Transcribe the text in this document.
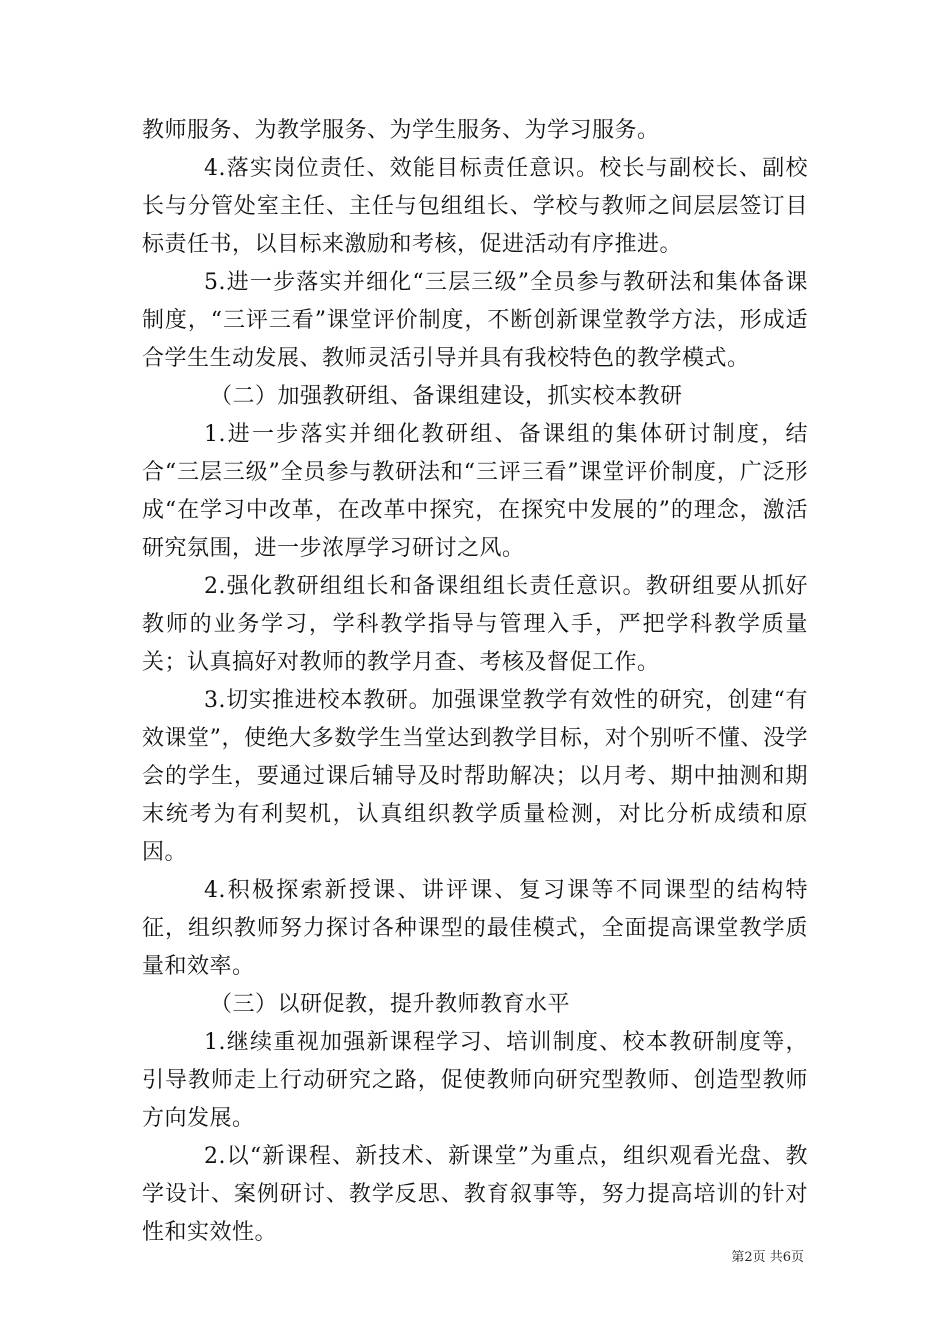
教师服务、为教学服务、为学生服务、为学习服务。

4.落实岗位责任、效能目标责任意识。校长与副校长、副校长与分管处室主任、主任与包组组长、学校与教师之间层层签订目标责任书，以目标来激励和考核，促进活动有序推进。

5.进一步落实并细化“三层三级”全员参与教研法和集体备课制度，“三评三看”课堂评价制度，不断创新课堂教学方法，形成适合学生生动发展、教师灵活引导并具有我校特色的教学模式。

（二）加强教研组、备课组建设，抓实校本教研

1.进一步落实并细化教研组、备课组的集体研讨制度，结合“三层三级”全员参与教研法和“三评三看”课堂评价制度，广泛形成“在学习中改革，在改革中探究，在探究中发展的”的理念，激活研究氛围，进一步浓厚学习研讨之风。

2.强化教研组组长和备课组组长责任意识。教研组要从抓好教师的业务学习，学科教学指导与管理入手，严把学科教学质量关；认真搞好对教师的教学月查、考核及督促工作。

3.切实推进校本教研。加强课堂教学有效性的研究，创建“有效课堂”，使绝大多数学生当堂达到教学目标，对个别听不懂、没学会的学生，要通过课后辅导及时帮助解决；以月考、期中抽测和期末统考为有利契机，认真组织教学质量检测，对比分析成绩和原因。

4.积极探索新授课、讲评课、复习课等不同课型的结构特征，组织教师努力探讨各种课型的最佳模式，全面提高课堂教学质量和效率。

（三）以研促教，提升教师教育水平

1.继续重视加强新课程学习、培训制度、校本教研制度等，引导教师走上行动研究之路，促使教师向研究型教师、创造型教师方向发展。

2.以“新课程、新技术、新课堂”为重点，组织观看光盘、教学设计、案例研讨、教学反思、教育叙事等，努力提高培训的针对性和实效性。

第2页 共6页
